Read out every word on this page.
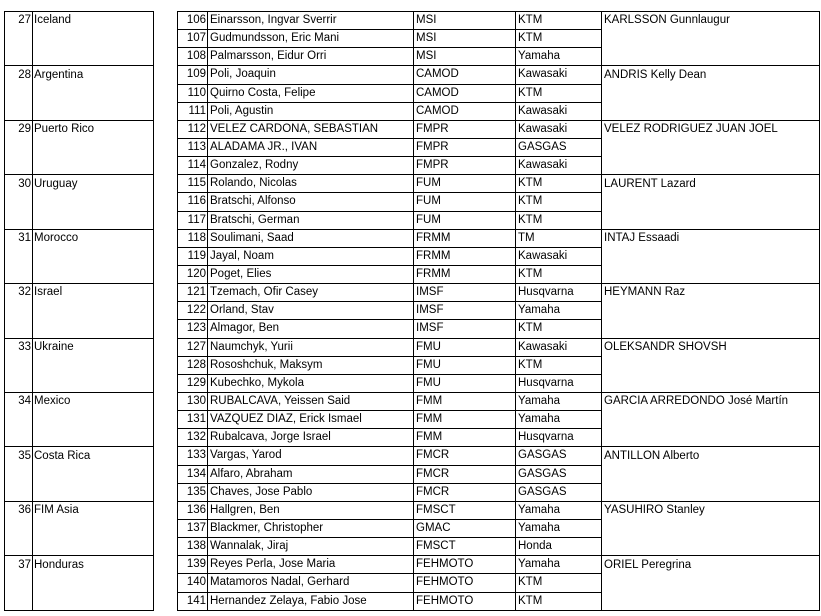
27	Iceland		106	Einarsson, Ingvar Sverrir	MSI	KTM	KARLSSON Gunnlaugur
			107	Gudmundsson, Eric Mani	MSI	KTM	
			108	Palmarsson, Eidur Orri	MSI	Yamaha	
28	Argentina		109	Poli, Joaquin	CAMOD	Kawasaki	ANDRIS Kelly Dean
			110	Quirno Costa, Felipe	CAMOD	KTM	
			111	Poli, Agustin	CAMOD	Kawasaki	
29	Puerto Rico		112	VELEZ CARDONA, SEBASTIAN	FMPR	Kawasaki	VELEZ RODRIGUEZ JUAN JOEL
			113	ALADAMA JR., IVAN	FMPR	GASGAS	
			114	Gonzalez, Rodny	FMPR	Kawasaki	
30	Uruguay		115	Rolando, Nicolas	FUM	KTM	LAURENT Lazard
			116	Bratschi, Alfonso	FUM	KTM	
			117	Bratschi, German	FUM	KTM	
31	Morocco		118	Soulimani, Saad	FRMM	TM	INTAJ Essaadi
			119	Jayal, Noam	FRMM	Kawasaki	
			120	Poget, Elies	FRMM	KTM	
32	Israel		121	Tzemach, Ofir Casey	IMSF	Husqvarna	HEYMANN Raz
			122	Orland, Stav	IMSF	Yamaha	
			123	Almagor, Ben	IMSF	KTM	
33	Ukraine		127	Naumchyk, Yurii	FMU	Kawasaki	OLEKSANDR SHOVSH
			128	Rososhchuk, Maksym	FMU	KTM	
			129	Kubechko, Mykola	FMU	Husqvarna	
34	Mexico		130	RUBALCAVA, Yeissen Said	FMM	Yamaha	GARCIA ARREDONDO José Martín
			131	VAZQUEZ DIAZ, Erick Ismael	FMM	Yamaha	
			132	Rubalcava, Jorge Israel	FMM	Husqvarna	
35	Costa Rica		133	Vargas, Yarod	FMCR	GASGAS	ANTILLON Alberto
			134	Alfaro, Abraham	FMCR	GASGAS	
			135	Chaves, Jose Pablo	FMCR	GASGAS	
36	FIM Asia		136	Hallgren, Ben	FMSCT	Yamaha	YASUHIRO Stanley
			137	Blackmer, Christopher	GMAC	Yamaha	
			138	Wannalak, Jiraj	FMSCT	Honda	
37	Honduras		139	Reyes Perla, Jose Maria	FEHMOTO	Yamaha	ORIEL Peregrina
			140	Matamoros Nadal, Gerhard	FEHMOTO	KTM	
			141	Hernandez Zelaya, Fabio Jose	FEHMOTO	KTM	
